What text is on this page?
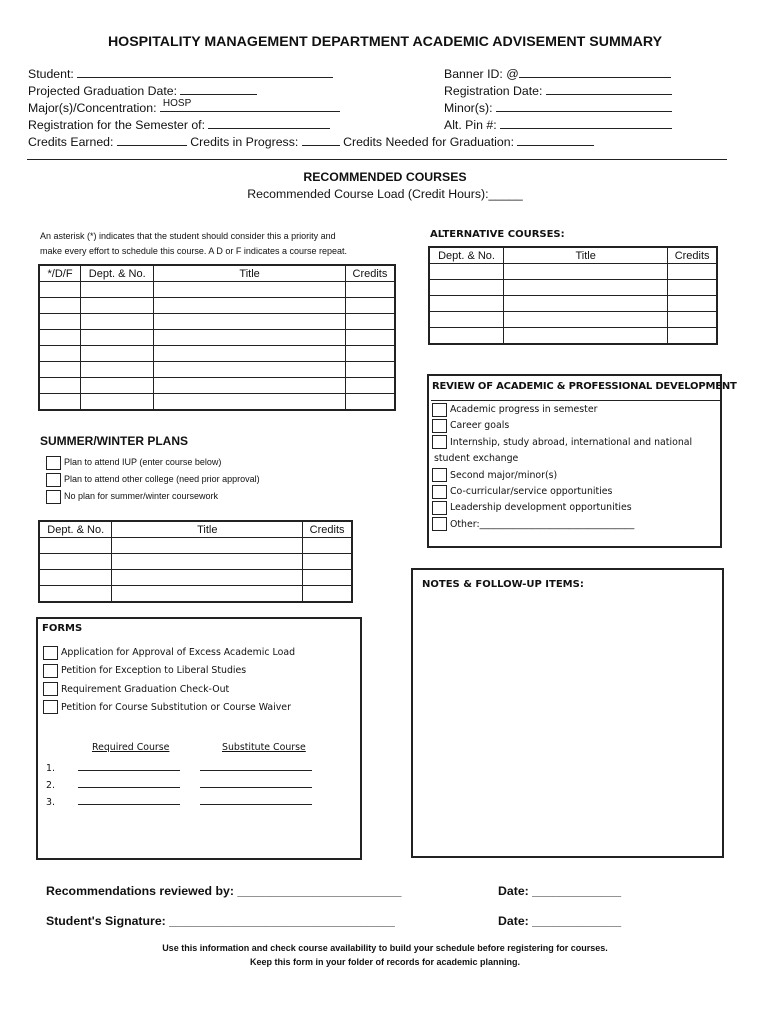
HOSPITALITY MANAGEMENT DEPARTMENT ACADEMIC ADVISEMENT SUMMARY
Student:
Projected Graduation Date:
Major(s)/Concentration: HOSP
Registration for the Semester of:
Credits Earned:	Credits in Progress:	Credits Needed for Graduation:
Banner ID: @
Registration Date:
Minor(s):
Alt. Pin #:
RECOMMENDED COURSES
Recommended Course Load (Credit Hours):_____
An asterisk (*) indicates that the student should consider this a priority and
make every effort to schedule this course. A D or F indicates a course repeat.
*/D/F	Dept. & No.	Title	Credits

ALTERNATIVE COURSES:
Dept. & No.	Title	Credits

REVIEW OF ACADEMIC & PROFESSIONAL DEVELOPMENT
Academic progress in semester
Career goals
Internship, study abroad, international and national
student exchange
Second major/minor(s)
Co-curricular/service opportunities
Leadership development opportunities
Other:_________________________________
SUMMER/WINTER PLANS
Plan to attend IUP (enter course below)
Plan to attend other college (need prior approval)
No plan for summer/winter coursework
Dept. & No.	Title	Credits

NOTES & FOLLOW-UP ITEMS:
FORMS
Application for Approval of Excess Academic Load
Petition for Exception to Liberal Studies
Requirement Graduation Check-Out
Petition for Course Substitution or Course Waiver
Required Course	Substitute Course
1.
2.
3.
Recommendations reviewed by: ________________________	Date: _____________
Student's Signature: _________________________________	Date: _____________
Use this information and check course availability to build your schedule before registering for courses.
Keep this form in your folder of records for academic planning.
